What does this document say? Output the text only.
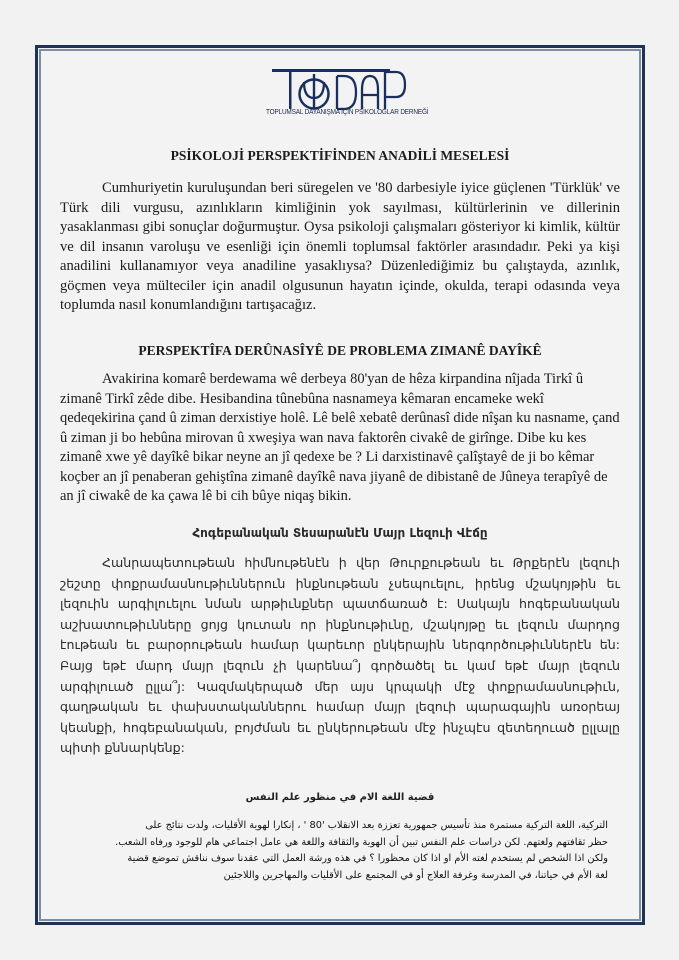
TOPLUMSAL DAYANIŞMA İÇİN PSİKOLOGLAR DERNEĞİ
PSİKOLOJİ PERSPEKTİFİNDEN ANADİLİ MESELESİ

Cumhuriyetin kuruluşundan beri süregelen ve '80 darbesiyle iyice güçlenen 'Türklük' ve Türk dili vurgusu, azınlıkların kimliğinin yok sayılması, kültürlerinin ve dillerinin yasaklanması gibi sonuçlar doğurmuştur. Oysa psikoloji çalışmaları gösteriyor ki kimlik, kültür ve dil insanın varoluşu ve esenliği için önemli toplumsal faktörler arasındadır. Peki ya kişi anadilini kullanamıyor veya anadiline yasaklıysa? Düzenlediğimiz bu çalıştayda, azınlık, göçmen veya mülteciler için anadil olgusunun hayatın içinde, okulda, terapi odasında veya toplumda nasıl konumlandığını tartışacağız.

PERSPEKTÎFA DERÛNASÎYÊ DE PROBLEMA ZIMANÊ DAYÎKÊ

Avakirina komarê berdewama wê derbeya 80'yan de hêza kirpandina nîjada Tirkî û zimanê Tirkî zêde dibe. Hesibandina tûnebûna nasnameya kêmaran encameke wekî qedeqekirina çand û ziman derxistiye holê. Lê belê xebatê derûnasî dide nîşan ku nasname, çand û ziman ji bo hebûna mirovan û xweşiya wan nava faktorên civakê de girînge. Dibe ku kes zimanê xwe yê dayîkê bikar neyne an jî qedexe be ? Li darxistinavê çalîştayê de ji bo kêmar koçber an jî penaberan gehiştîna zimanê dayîkê nava jiyanê de dibistanê de Jûneya terapîyê de an jî ciwakê de ka çawa lê bi cih bûye niqaş bikin.

Հոգեբանական Տեսարանէն Մայր Լեզուի Վէճը

Հանրապետութեան հիմնութենէն ի վեր Թուրքութեան եւ Թրքերէն լեզուի շեշտը փոքրամասնութիւններուն ինքնութեան չսեպուելու, իրենց մշակոյթին եւ լեզուին արգիլուելու նման արթիւնքներ պատճառած է: Սակայն հոգեբանական աշխատութիւնները ցոյց կուտան որ ինքնութիւնը, մշակոյթը եւ լեզուն մարդոց էութեան եւ բարօրութեան համար կարեւոր ընկերային ներգործութիւններէն են: Բայց եթէ մարդ մայր լեզուն չի կարենա՞յ գործածել եւ կամ եթէ մայր լեզուն արգիլուած ըլլա՞յ: Կազմակերպած մեր այս կրպակի մէջ փոքրամասնութիւն, գաղթական եւ փախստականներու համար մայր լեզուի պարագային առօրեայ կեանքի, հոգեբանական, բոյժման եւ ընկերութեան մէջ ինչպէս զետեղուած ըլլալը պիտի քննարկենք:

قضية اللغة الام في منظور علم النفس
التركية، اللغة التركية مستمرة منذ تأسيس جمهورية تعززة بعد الانقلاب '80 ' ، إنكارا لهوية الأقليات، ولدت نتائج على
حظر ثقافتهم ولغتهم. لكن دراسات علم النفس تبين أن الهوية والثقافة واللغة هي عامل اجتماعي هام للوجود ورفاه الشعب.
ولكن اذا الشخص لم يستخدم لغته الأم او اذا كان محظورا ؟ في هذه ورشة العمل التي عقدنا سوف نناقش تموضع قضية
لغة الأم في حياتنا، في المدرسة وغرفة العلاج أو في المجتمع على الأقليات والمهاجرين واللاجئين
